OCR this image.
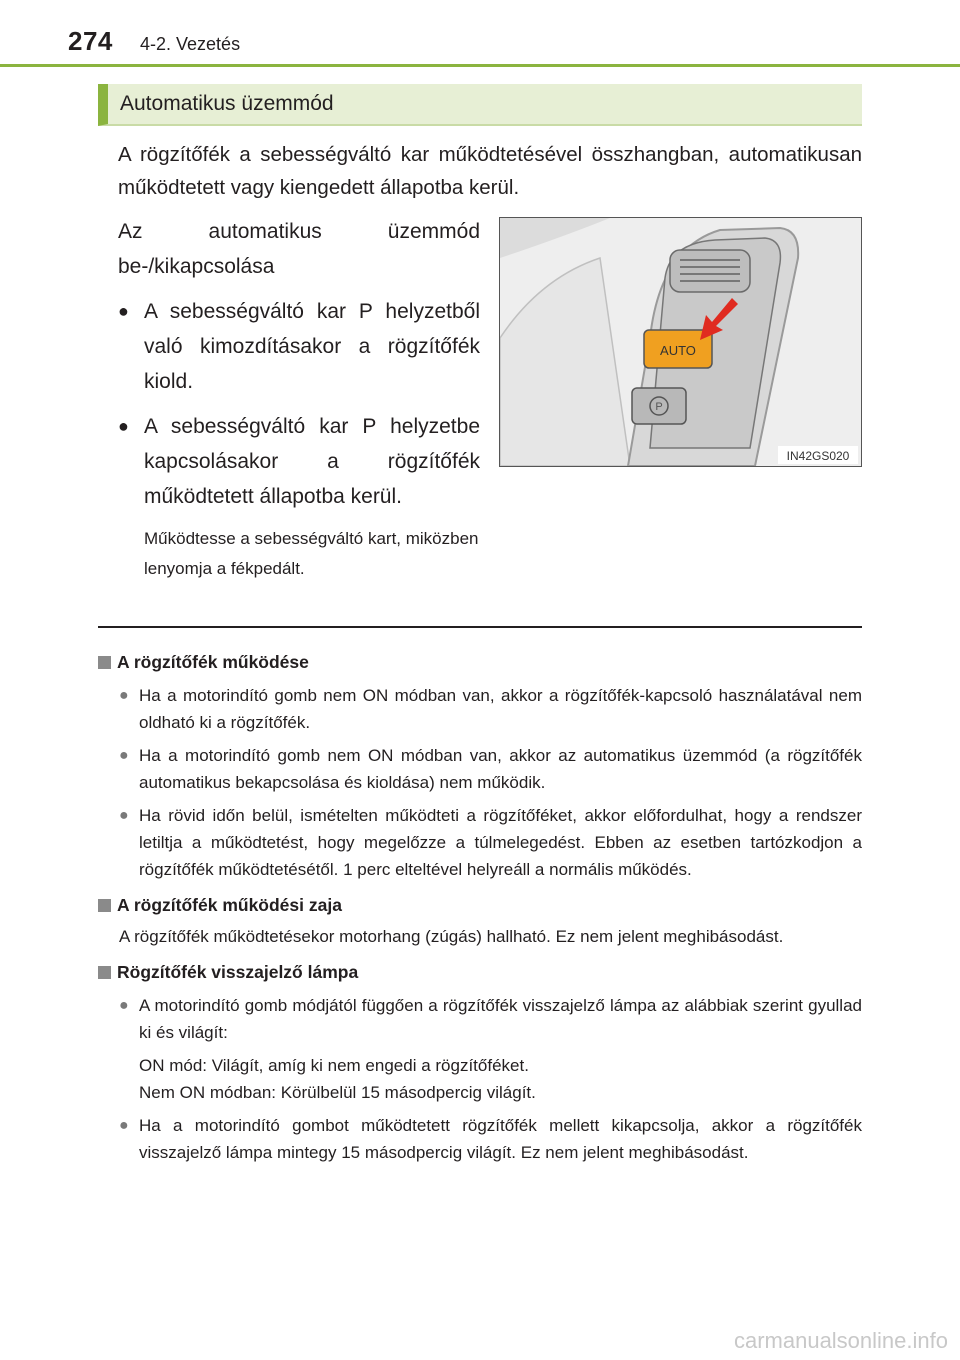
274 4-2. Vezetés
Automatikus üzemmód
A rögzítőfék a sebességváltó kar működtetésével összhangban, automatikusan működtetett vagy kiengedett állapotba kerül.
Az automatikus üzemmód be-/kikapcsolása
● A sebességváltó kar P helyzetből való kimozdításakor a rögzítőfék kiold.
● A sebességváltó kar P helyzetbe kapcsolásakor a rögzítőfék működtetett állapotba kerül.
Működtesse a sebességváltó kart, miközben lenyomja a fékpedált.
AUTO
P
IN42GS020
A rögzítőfék működése
● Ha a motorindító gomb nem ON módban van, akkor a rögzítőfék-kapcsoló használatával nem oldható ki a rögzítőfék.
● Ha a motorindító gomb nem ON módban van, akkor az automatikus üzemmód (a rögzítőfék automatikus bekapcsolása és kioldása) nem működik.
● Ha rövid időn belül, ismételten működteti a rögzítőféket, akkor előfordulhat, hogy a rendszer letiltja a működtetést, hogy megelőzze a túlmelegedést. Ebben az esetben tartózkodjon a rögzítőfék működtetésétől. 1 perc elteltével helyreáll a normális működés.
A rögzítőfék működési zaja
A rögzítőfék működtetésekor motorhang (zúgás) hallható. Ez nem jelent meghibásodást.
Rögzítőfék visszajelző lámpa
● A motorindító gomb módjától függően a rögzítőfék visszajelző lámpa az alábbiak szerint gyullad ki és világít:
ON mód: Világít, amíg ki nem engedi a rögzítőféket.
Nem ON módban: Körülbelül 15 másodpercig világít.
● Ha a motorindító gombot működtetett rögzítőfék mellett kikapcsolja, akkor a rögzítőfék visszajelző lámpa mintegy 15 másodpercig világít. Ez nem jelent meghibásodást.
carmanualsonline.info
